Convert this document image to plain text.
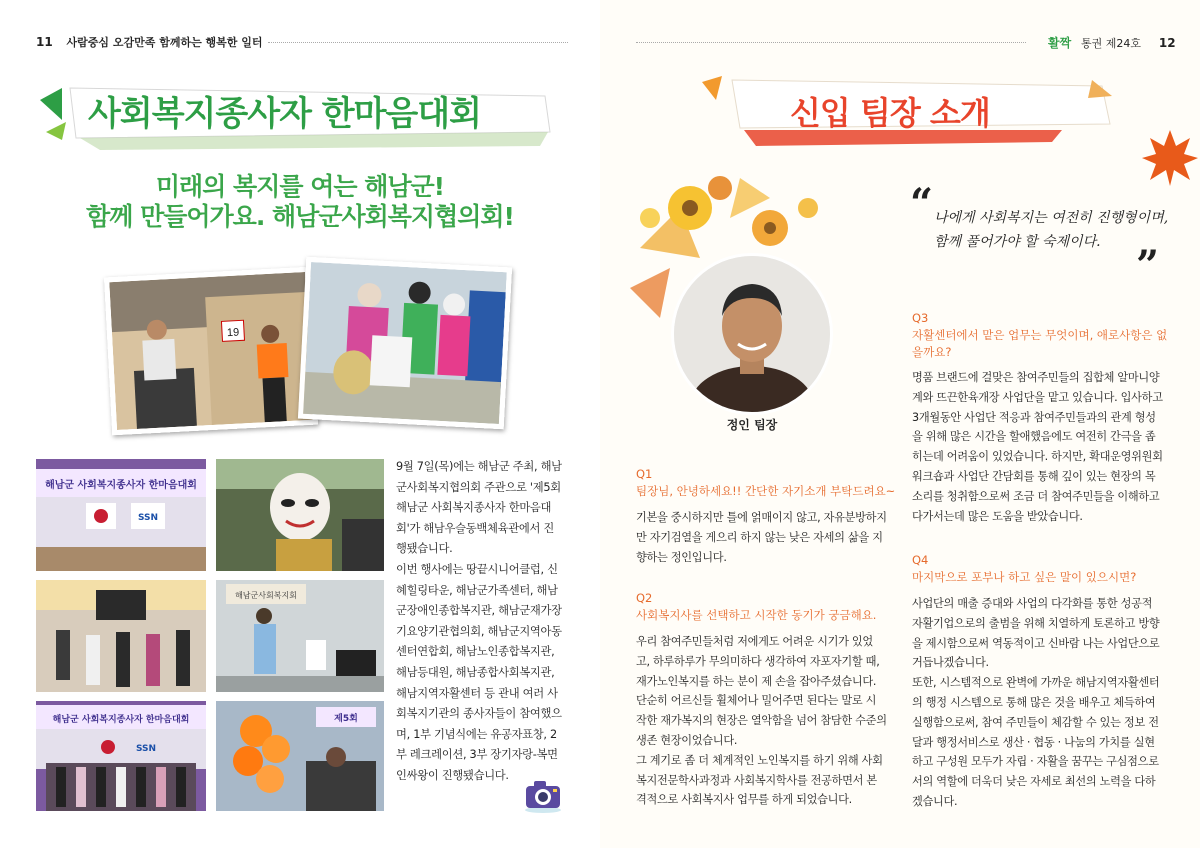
11 사람중심 오감만족 함께하는 행복한 일터
사회복지종사자 한마음대회
미래의 복지를 여는 해남군!
함께 만들어가요. 해남군사회복지협의회!
19
해남군 사회복지종사자 한마음대회
SSN
해남군사회복지회
해남군 사회복지종사자 한마음대회
SSN
제5회
9월 7일(목)에는 해남군 주최, 해남
군사회복지협의회 주관으로 '제5회
해남군 사회복지종사자 한마음대
회'가 해남우슬동백체육관에서 진
행됐습니다.
이번 행사에는 땅끝시니어클럽, 신
혜힐링타운, 해남군가족센터, 해남
군장애인종합복지관, 해남군재가장
기요양기관협의회, 해남군지역아동
센터연합회, 해남노인종합복지관,
해남등대원, 해남종합사회복지관,
해남지역자활센터 등 관내 여러 사
회복지기관의 종사자들이 참여했으
며, 1부 기념식에는 유공자표창, 2
부 레크레이션, 3부 장기자랑-복면
인싸왕이 진행됐습니다.
활짝 통권 제24호 12
신입 팀장 소개
정인 팀장
“ 나에게 사회복지는 여전히 진행형이며,
함께 풀어가야 할 숙제이다. ”
Q1
팀장님, 안녕하세요!! 간단한 자기소개 부탁드려요~
기본을 중시하지만 틀에 얽매이지 않고, 자유분방하지
만 자기검열을 게으리 하지 않는 낮은 자세의 삶을 지
향하는 정인입니다.
Q2
사회복지사를 선택하고 시작한 동기가 궁금해요.
우리 참여주민들처럼 저에게도 어려운 시기가 있었
고, 하루하루가 무의미하다 생각하여 자포자기할 때,
재가노인복지를 하는 분이 제 손을 잡아주셨습니다.
단순히 어르신들 휠체어나 밀어주면 된다는 말로 시
작한 재가복지의 현장은 열악함을 넘어 참담한 수준의
생존 현장이었습니다.
그 계기로 좀 더 체계적인 노인복지를 하기 위해 사회
복지전문학사과정과 사회복지학사를 전공하면서 본
격적으로 사회복지사 업무를 하게 되었습니다.
Q3
자활센터에서 맡은 업무는 무엇이며, 애로사항은 없
을까요?
명품 브랜드에 걸맞은 참여주민들의 집합체 알마니양
계와 뜨끈한육개장 사업단을 맡고 있습니다. 입사하고
3개월동안 사업단 적응과 참여주민들과의 관계 형성
을 위해 많은 시간을 할애했음에도 여전히 간극을 좁
히는데 어려움이 있었습니다. 하지만, 확대운영위원회
워크숍과 사업단 간담회를 통해 깊이 있는 현장의 목
소리를 청취함으로써 조금 더 참여주민들을 이해하고
다가서는데 많은 도움을 받았습니다.
Q4
마지막으로 포부나 하고 싶은 말이 있으시면?
사업단의 매출 증대와 사업의 다각화를 통한 성공적
자활기업으로의 출범을 위해 치열하게 토론하고 방향
을 제시함으로써 역동적이고 신바람 나는 사업단으로
거듭나겠습니다.
또한, 시스템적으로 완벽에 가까운 해남지역자활센터
의 행정 시스템으로 통해 많은 것을 배우고 체득하여
실행함으로써, 참여 주민들이 체감할 수 있는 정보 전
달과 행정서비스로 생산 · 협동 · 나눔의 가치를 실현
하고 구성원 모두가 자립 · 자활을 꿈꾸는 구심점으로
서의 역할에 더욱더 낮은 자세로 최선의 노력을 다하
겠습니다.
